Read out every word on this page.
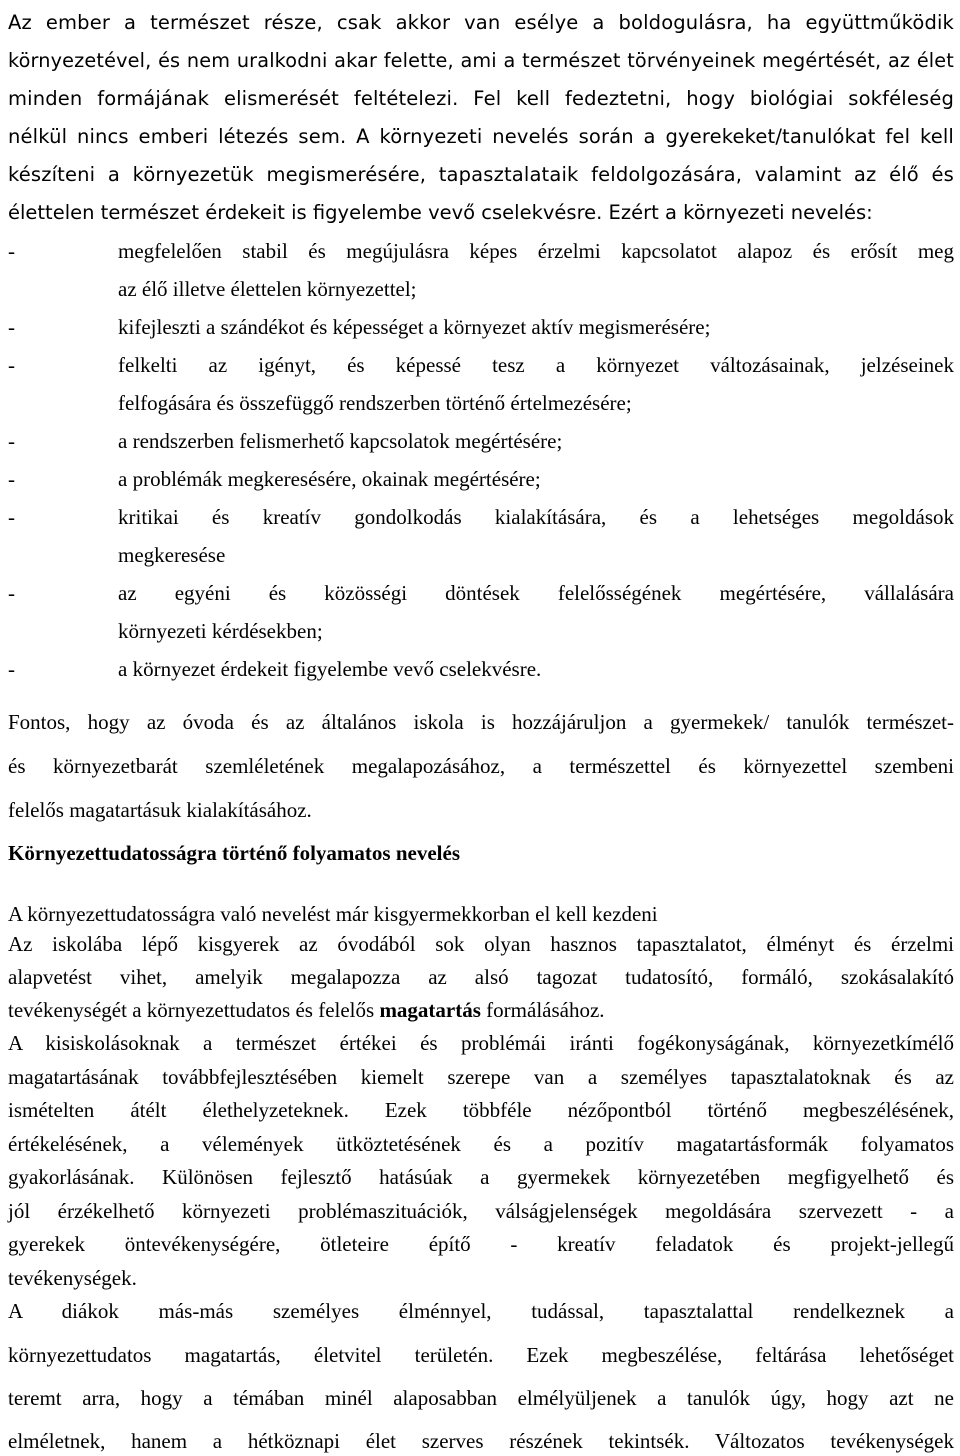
Az ember a természet része, csak akkor van esélye a boldogulásra, ha együttműködik
környezetével, és nem uralkodni akar felette, ami a természet törvényeinek megértését, az élet
minden formájának elismerését feltételezi. Fel kell fedeztetni, hogy biológiai sokféleség
nélkül nincs emberi létezés sem. A környezeti nevelés során a gyerekeket/tanulókat fel kell
készíteni a környezetük megismerésére, tapasztalataik feldolgozására, valamint az élő és
élettelen természet érdekeit is figyelembe vevő cselekvésre. Ezért a környezeti nevelés:
-	megfelelően stabil és megújulásra képes érzelmi kapcsolatot alapoz és erősít meg
az élő illetve élettelen környezettel;
-	kifejleszti a szándékot és képességet a környezet aktív megismerésére;
-	felkelti az igényt, és képessé tesz a környezet változásainak, jelzéseinek
felfogására és összefüggő rendszerben történő értelmezésére;
-	a rendszerben felismerhető kapcsolatok megértésére;
-	a problémák megkeresésére, okainak megértésére;
-	kritikai és kreatív gondolkodás kialakítására, és a lehetséges megoldások
megkeresése
-	az egyéni és közösségi döntések felelősségének megértésére, vállalására
környezeti kérdésekben;
-	a környezet érdekeit figyelembe vevő cselekvésre.
Fontos, hogy az óvoda és az általános iskola is hozzájáruljon a gyermekek/ tanulók természet-
és környezetbarát szemléletének megalapozásához, a természettel és környezettel szembeni
felelős magatartásuk kialakításához.
Környezettudatosságra történő folyamatos nevelés
A környezettudatosságra való nevelést már kisgyermekkorban el kell kezdeni
Az iskolába lépő kisgyerek az óvodából sok olyan hasznos tapasztalatot, élményt és érzelmi
alapvetést vihet, amelyik megalapozza az alsó tagozat tudatosító, formáló, szokásalakító
tevékenységét a környezettudatos és felelős magatartás formálásához.
A kisiskolásoknak a természet értékei és problémái iránti fogékonyságának, környezetkímélő
magatartásának továbbfejlesztésében kiemelt szerepe van a személyes tapasztalatoknak és az
ismételten átélt élethelyzeteknek. Ezek többféle nézőpontból történő megbeszélésének,
értékelésének, a vélemények ütköztetésének és a pozitív magatartásformák folyamatos
gyakorlásának. Különösen fejlesztő hatásúak a gyermekek környezetében megfigyelhető és
jól érzékelhető környezeti problémaszituációk, válságjelenségek megoldására szervezett - a
gyerekek öntevékenységére, ötleteire építő - kreatív feladatok és projekt-jellegű
tevékenységek.
A diákok más-más személyes élménnyel, tudással, tapasztalattal rendelkeznek a
környezettudatos magatartás, életvitel területén. Ezek megbeszélése, feltárása lehetőséget
teremt arra, hogy a témában minél alaposabban elmélyüljenek a tanulók úgy, hogy azt ne
elméletnek, hanem a hétköznapi élet szerves részének tekintsék. Változatos tevékenységek
